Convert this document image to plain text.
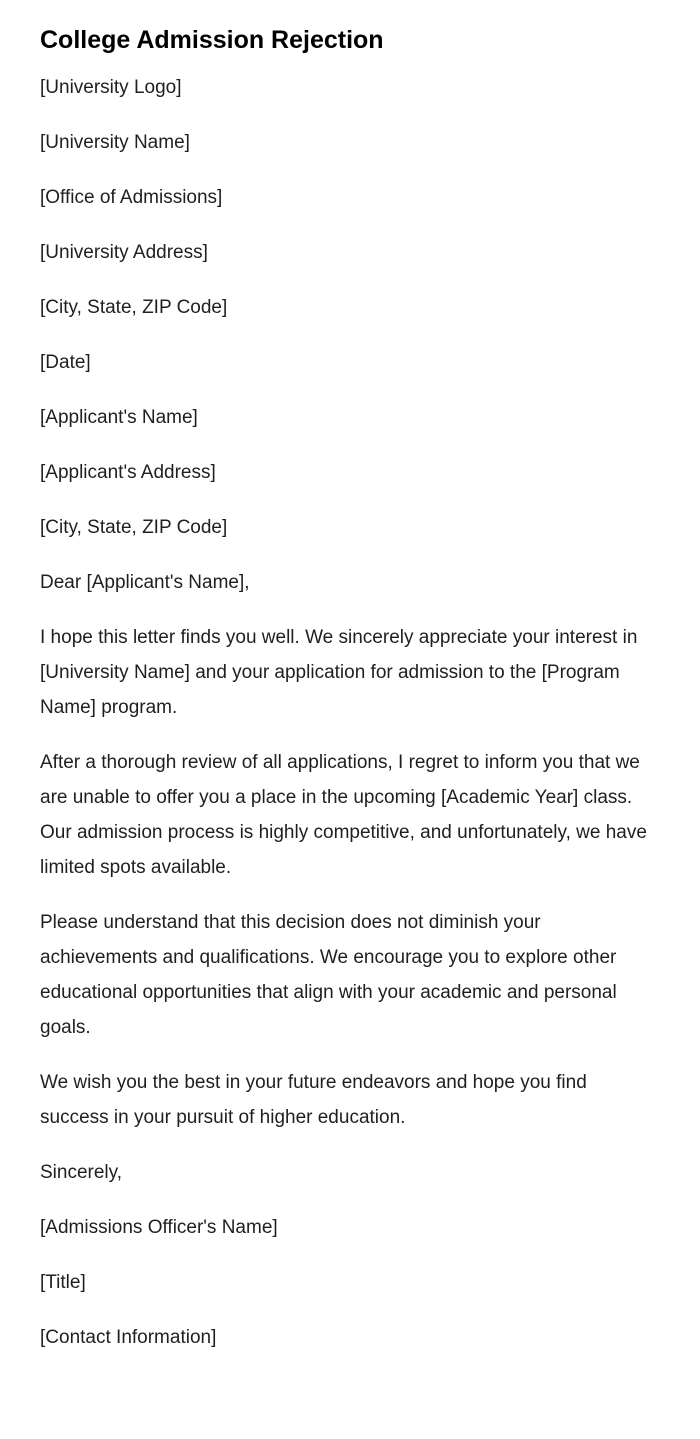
College Admission Rejection

[University Logo]

[University Name]

[Office of Admissions]

[University Address]

[City, State, ZIP Code]

[Date]

[Applicant's Name]

[Applicant's Address]

[City, State, ZIP Code]

Dear [Applicant's Name],

I hope this letter finds you well. We sincerely appreciate your interest in [University Name] and your application for admission to the [Program Name] program.

After a thorough review of all applications, I regret to inform you that we are unable to offer you a place in the upcoming [Academic Year] class. Our admission process is highly competitive, and unfortunately, we have limited spots available.

Please understand that this decision does not diminish your achievements and qualifications. We encourage you to explore other educational opportunities that align with your academic and personal goals.

We wish you the best in your future endeavors and hope you find success in your pursuit of higher education.

Sincerely,

[Admissions Officer's Name]

[Title]

[Contact Information]
